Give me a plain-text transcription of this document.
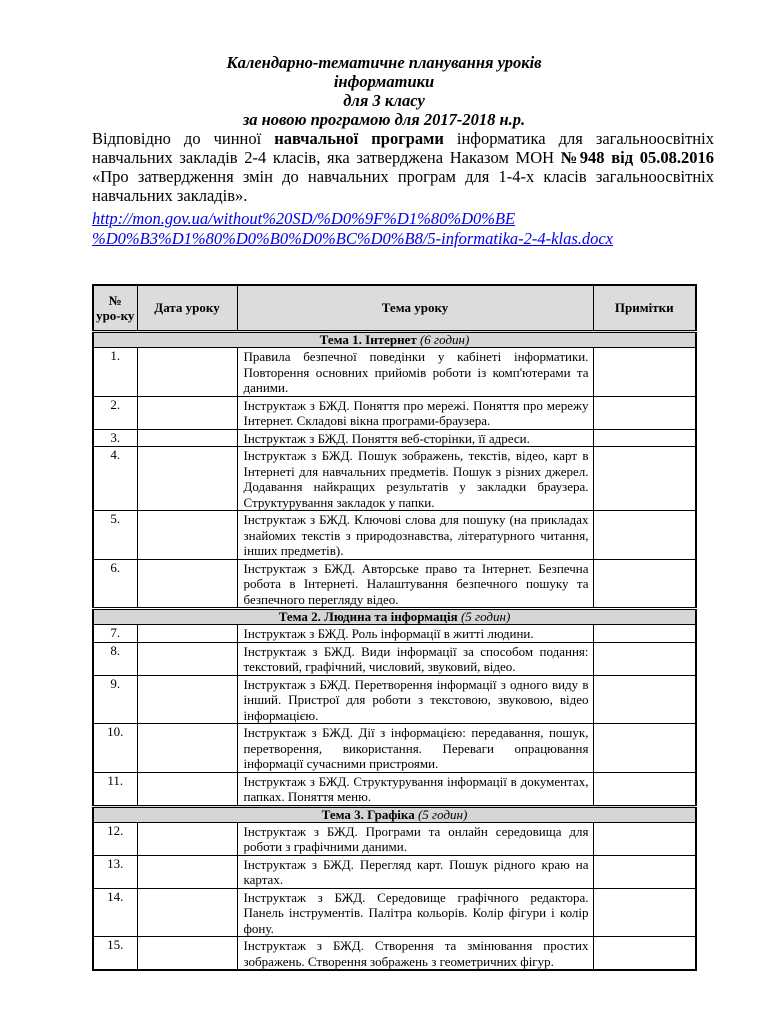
Календарно-тематичне планування уроків
інформатики
для 3 класу
за новою програмою для 2017-2018 н.р.

Відповідно до чинної навчальної програми інформатика для загальноосвітніх навчальних закладів 2-4 класів, яка затверджена Наказом МОН №948 від 05.08.2016 «Про затвердження змін до навчальних програм для 1-4-х класів загальноосвітніх навчальних закладів».

http://mon.gov.ua/without%20SD/%D0%9F%D1%80%D0%BE
%D0%B3%D1%80%D0%B0%D0%BC%D0%B8/5-informatika-2-4-klas.docx
№ уро-ку	Дата уроку	Тема уроку	Примітки
Тема 1. Інтернет (6 годин)			
1.		Правила безпечної поведінки у кабінеті інформатики. Повторення основних прийомів роботи із комп'ютерами та даними.	
2.		Інструктаж з БЖД. Поняття про мережі. Поняття про мережу Інтернет. Складові вікна програми-браузера.	
3.		Інструктаж з БЖД. Поняття веб-сторінки, її адреси.	
4.		Інструктаж з БЖД. Пошук зображень, текстів, відео, карт в Інтернеті для навчальних предметів. Пошук з різних джерел. Додавання найкращих результатів у закладки браузера. Структурування закладок у папки.	
5.		Інструктаж з БЖД. Ключові слова для пошуку (на прикладах знайомих текстів з природознавства, літературного читання, інших предметів).	
6.		Інструктаж з БЖД. Авторське право та Інтернет. Безпечна робота в Інтернеті. Налаштування безпечного пошуку та безпечного перегляду відео.	
Тема 2. Людина та інформація (5 годин)			
7.		Інструктаж з БЖД. Роль інформації в житті людини.	
8.		Інструктаж з БЖД. Види інформації за способом подання: текстовий, графічний, числовий, звуковий, відео.	
9.		Інструктаж з БЖД. Перетворення інформації з одного виду в інший. Пристрої для роботи з текстовою, звуковою, відео інформацією.	
10.		Інструктаж з БЖД. Дії з інформацією: передавання, пошук, перетворення, використання. Переваги опрацювання інформації сучасними пристроями.	
11.		Інструктаж з БЖД. Структурування інформації в документах, папках. Поняття меню.	
Тема 3. Графіка (5 годин)			
12.		Інструктаж з БЖД. Програми та онлайн середовища для роботи з графічними даними.	
13.		Інструктаж з БЖД. Перегляд карт. Пошук рідного краю на картах.	
14.		Інструктаж з БЖД. Середовище графічного редактора. Панель інструментів. Палітра кольорів. Колір фігури і колір фону.	
15.		Інструктаж з БЖД. Створення та змінювання простих зображень. Створення зображень з геометричних фігур.	
